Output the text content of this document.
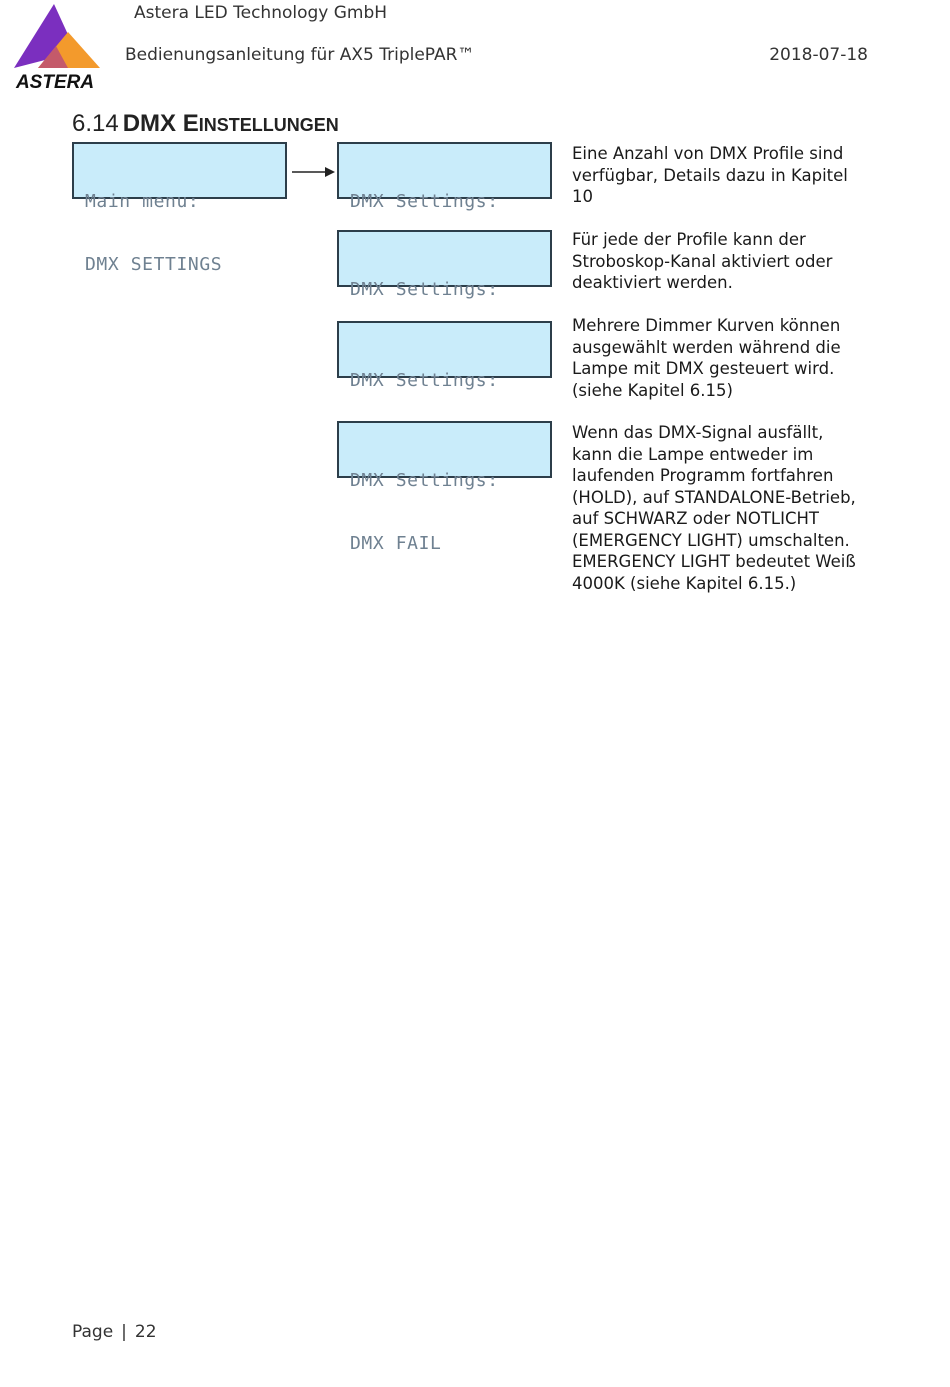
ASTERA
Astera LED Technology GmbH
Bedienungsanleitung für AX5 TriplePAR™	2018-07-18
6.14 DMX EINSTELLUNGEN

Main menu:

DMX SETTINGS

DMX Settings:

DMX Settings:

DMX Settings:

DMX Settings:

DMX FAIL

Eine Anzahl von DMX Profile sind verfügbar, Details dazu in Kapitel 10
Für jede der Profile kann der Stroboskop-Kanal aktiviert oder deaktiviert werden.
Mehrere Dimmer Kurven können ausgewählt werden während die Lampe mit DMX gesteuert wird. (siehe Kapitel 6.15)
Wenn das DMX-Signal ausfällt, kann die Lampe entweder im laufenden Programm fortfahren (HOLD), auf STANDALONE-Betrieb, auf SCHWARZ oder NOTLICHT (EMERGENCY LIGHT) umschalten. EMERGENCY LIGHT bedeutet Weiß 4000K (siehe Kapitel 6.15.)
Page | 22
